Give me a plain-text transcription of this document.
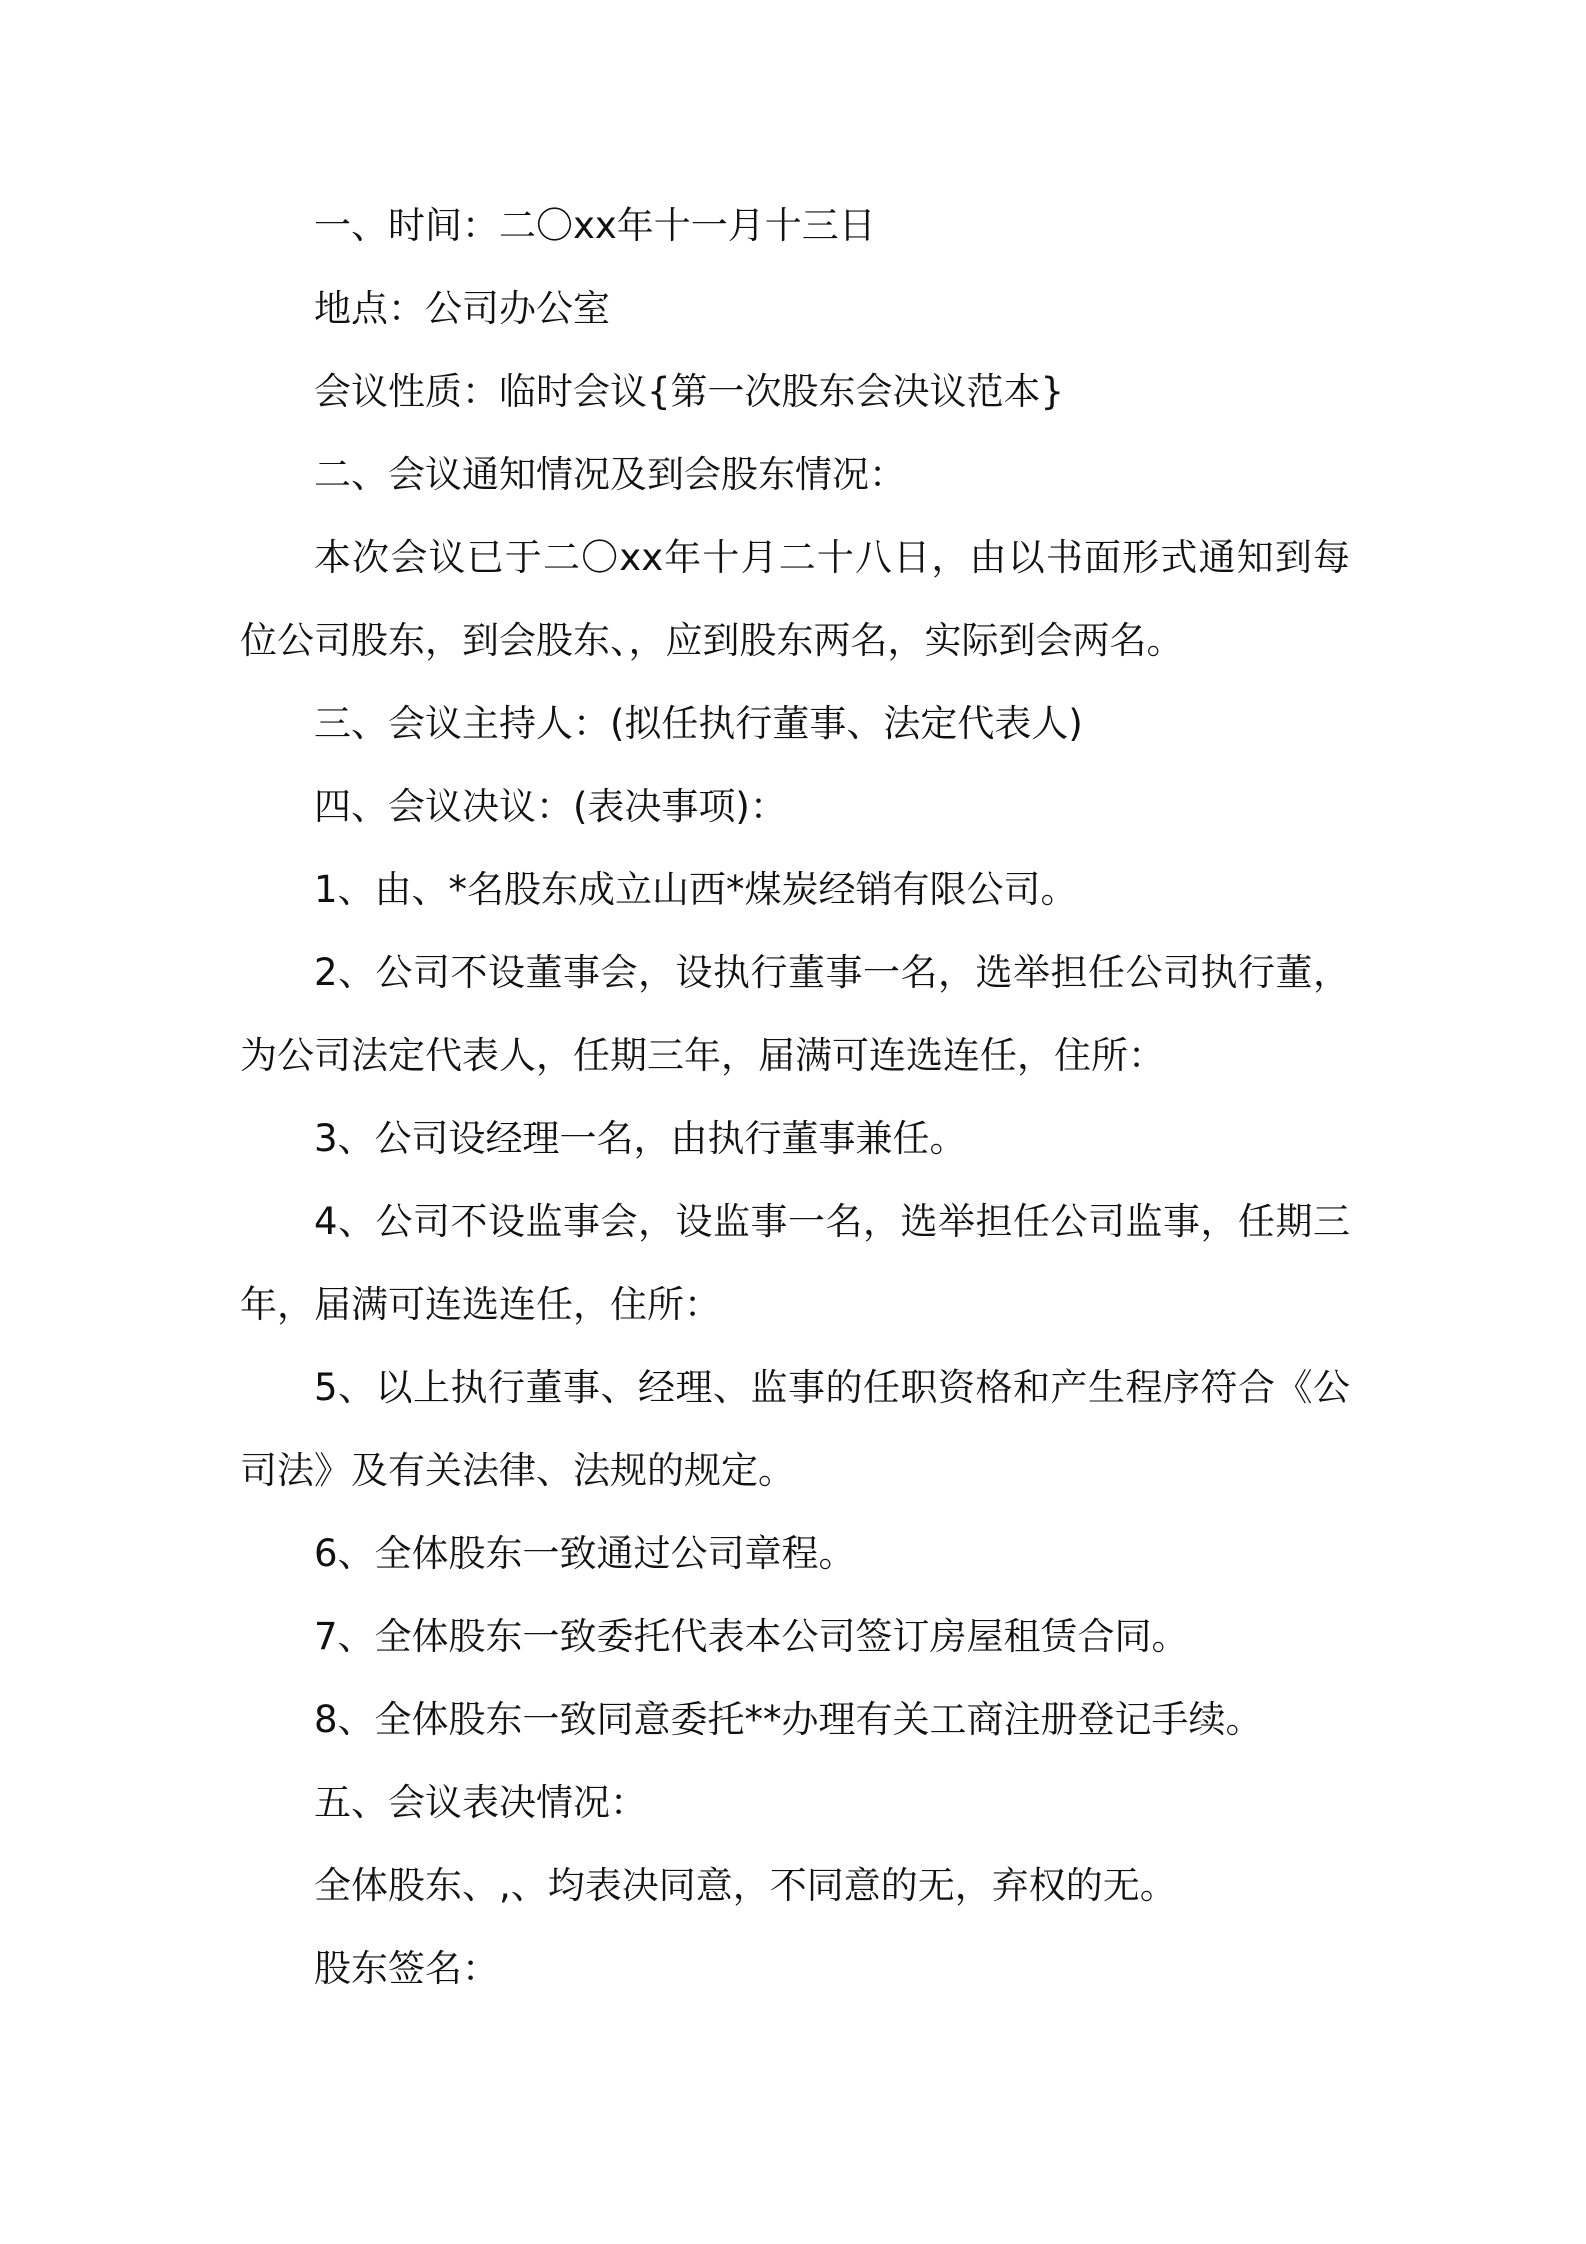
一、时间：二〇xx年十一月十三日

地点：公司办公室

会议性质：临时会议{第一次股东会决议范本}

二、会议通知情况及到会股东情况：

本次会议已于二〇xx年十月二十八日，由以书面形式通知到每位公司股东，到会股东、，应到股东两名，实际到会两名。

三、会议主持人：(拟任执行董事、法定代表人)

四、会议决议：(表决事项)：

1、由、*名股东成立山西*煤炭经销有限公司。

2、公司不设董事会，设执行董事一名，选举担任公司执行董，为公司法定代表人，任期三年，届满可连选连任，住所：

3、公司设经理一名，由执行董事兼任。

4、公司不设监事会，设监事一名，选举担任公司监事，任期三年，届满可连选连任，住所：

5、以上执行董事、经理、监事的任职资格和产生程序符合《公司法》及有关法律、法规的规定。

6、全体股东一致通过公司章程。

7、全体股东一致委托代表本公司签订房屋租赁合同。

8、全体股东一致同意委托**办理有关工商注册登记手续。

五、会议表决情况：

全体股东、,、均表决同意，不同意的无，弃权的无。

股东签名：
